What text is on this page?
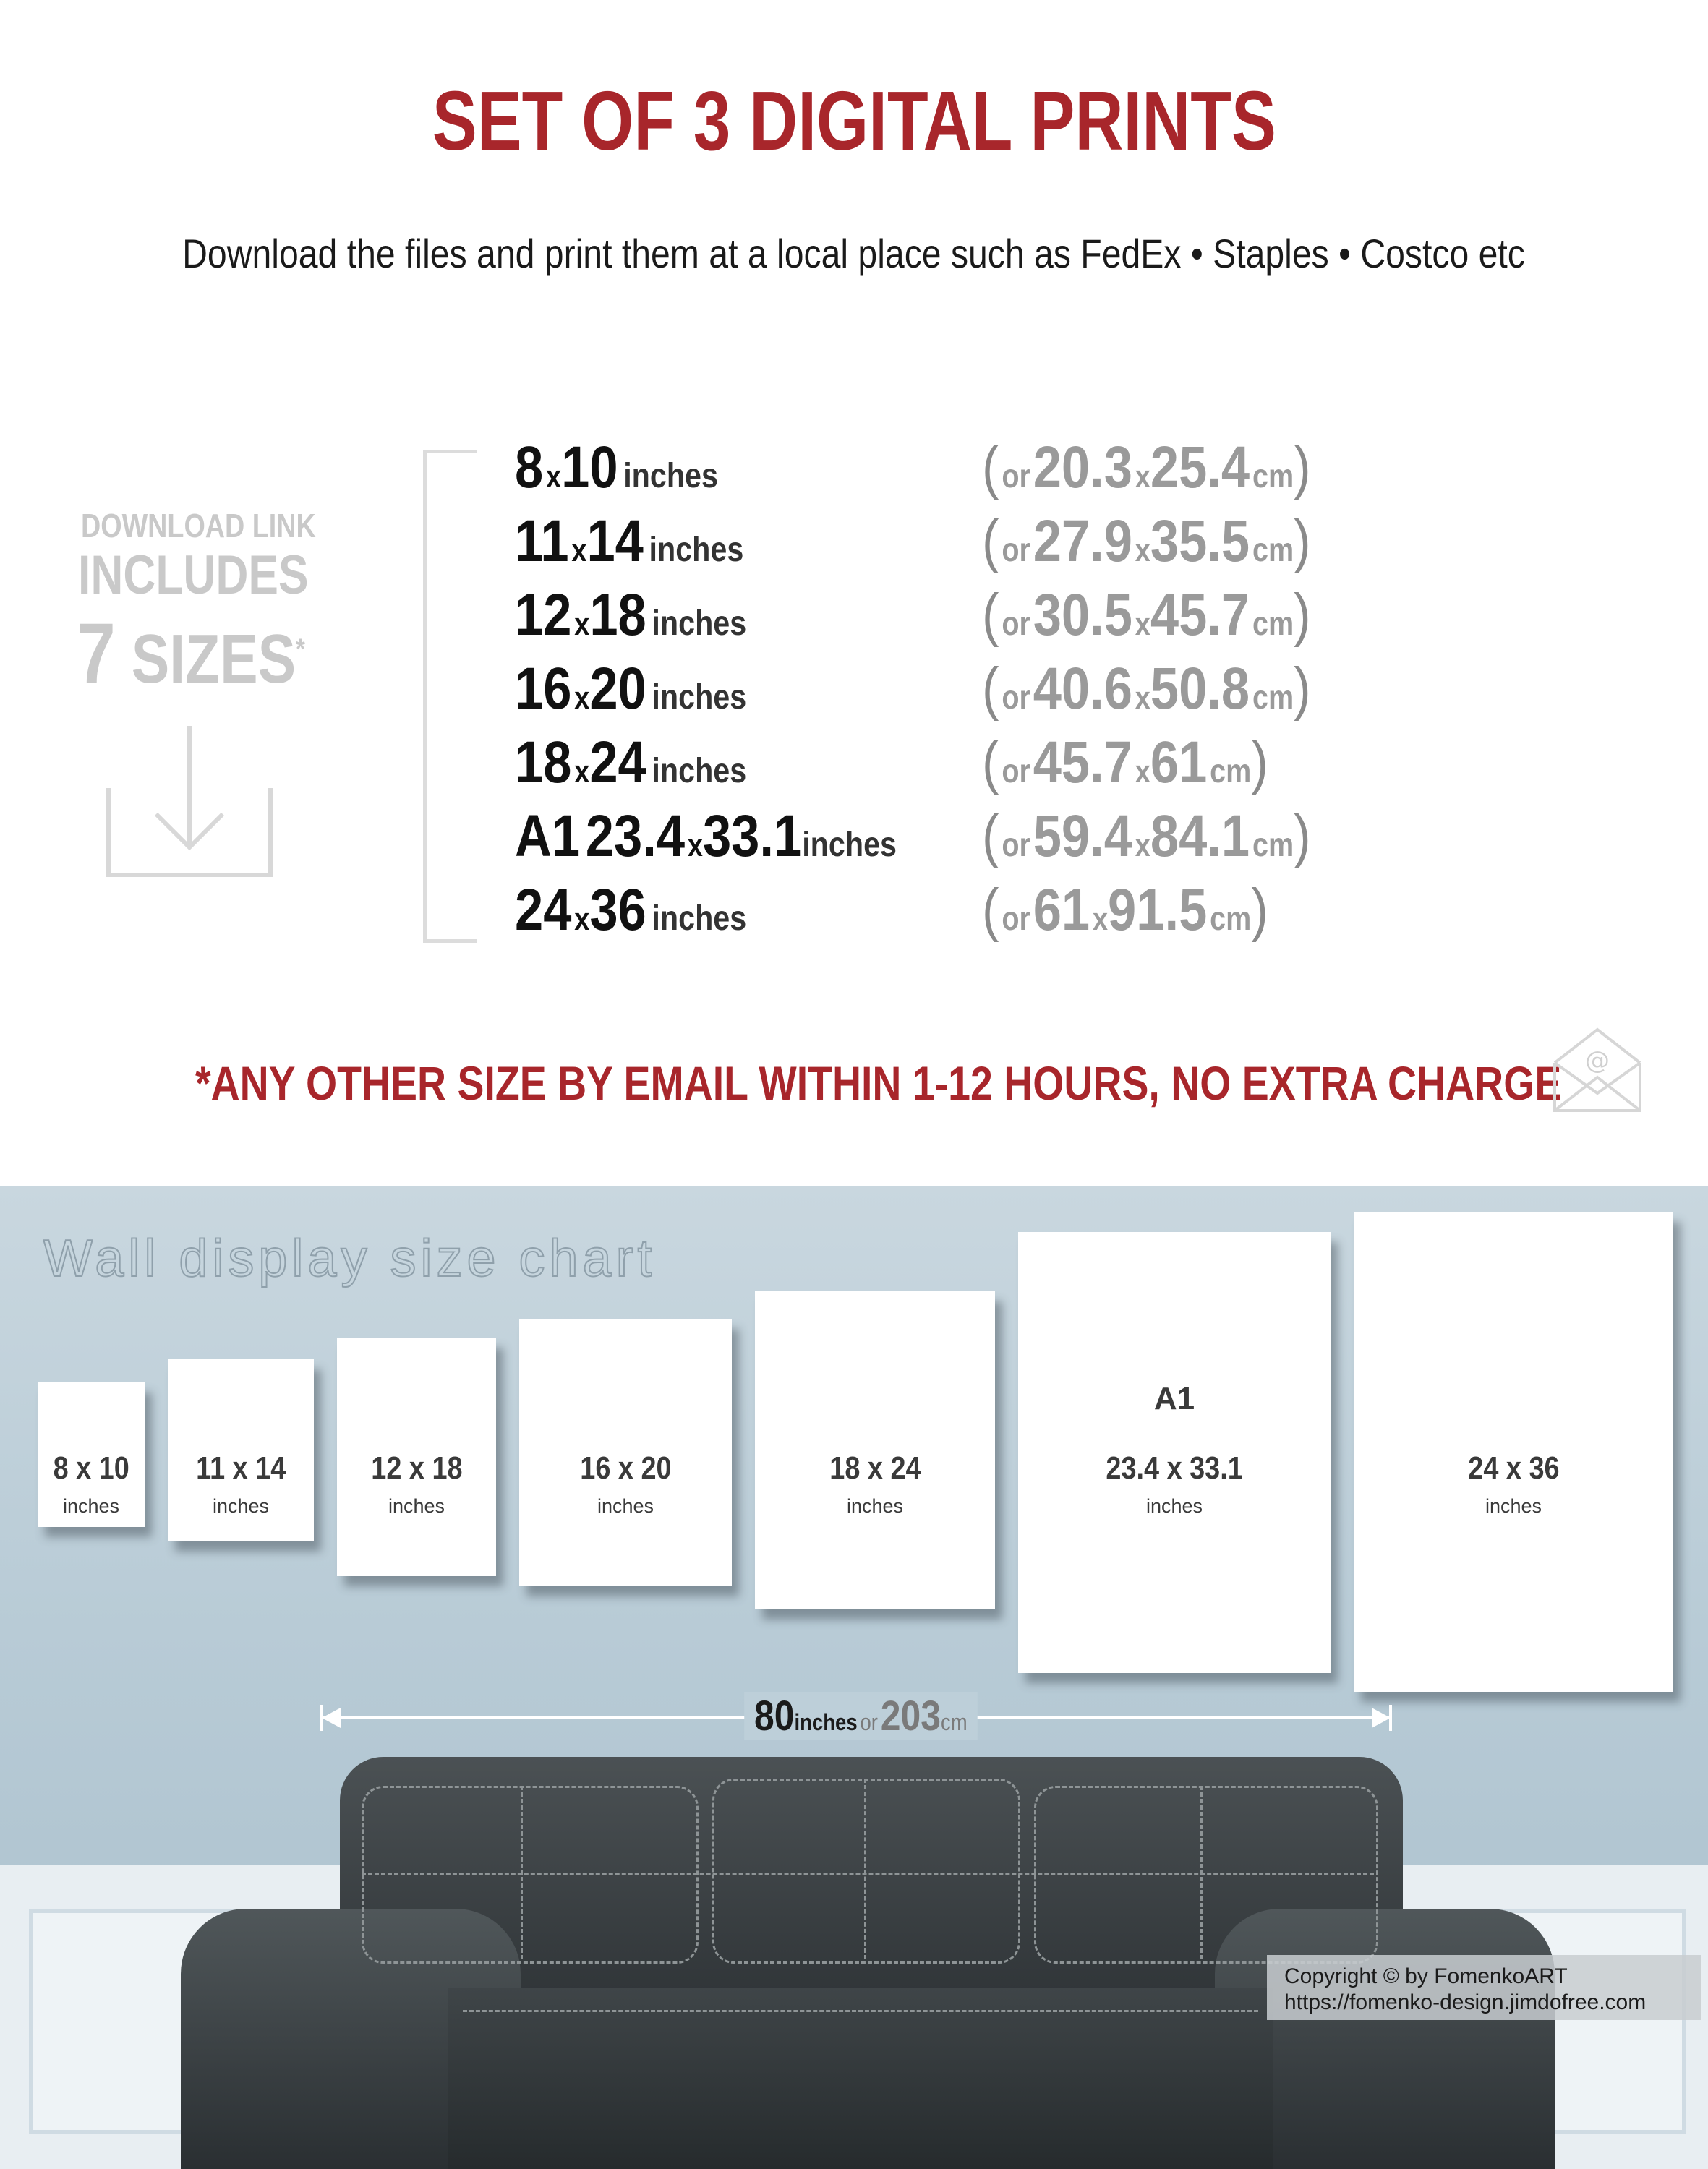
SET OF 3 DIGITAL PRINTS
Download the files and print them at a local place such as FedEx • Staples • Costco etc
DOWNLOAD LINK
INCLUDES
7 SIZES*
8 x10 inches	( or 20.3 x25.4 cm)
11 x14 inches	( or 27.9 x35.5 cm)
12 x18 inches	( or 30.5 x45.7 cm)
16 x20 inches	( or 40.6 x50.8 cm)
18 x24 inches	( or 45.7 x61 cm)
A1  23.4 x33.1inches ( or 59.4 x84.1 cm)
24 x36 inches	( or 61 x91.5 cm)
*ANY OTHER SIZE BY EMAIL WITHIN 1-12 HOURS, NO EXTRA CHARGE @
Wall display size chart
8 x 10
inches
11 x 14
inches
12 x 18
inches
16 x 20
inches
18 x 24
inches
A1
23.4 x 33.1
inches
24 x 36
inches
80inches or 203cm
Copyright © by FomenkoART
https://fomenko-design.jimdofree.com
